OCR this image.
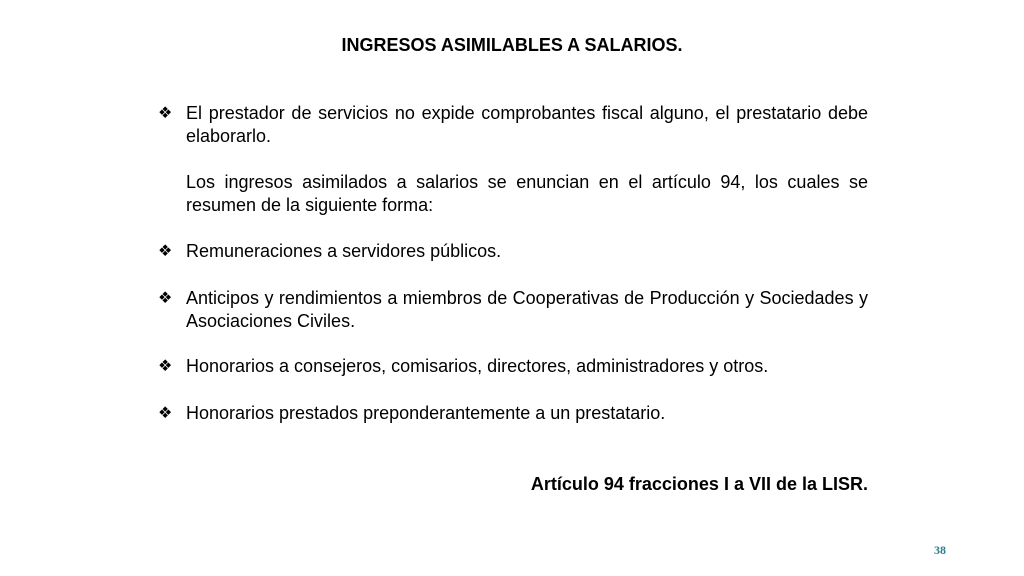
INGRESOS ASIMILABLES A SALARIOS.
❖ El prestador de servicios no expide comprobantes fiscal alguno, el prestatario debe elaborarlo.
Los ingresos asimilados a salarios se enuncian en el artículo 94, los cuales se resumen de la siguiente forma:
❖ Remuneraciones a servidores públicos.
❖ Anticipos y rendimientos a miembros de Cooperativas de Producción y Sociedades y Asociaciones Civiles.
❖ Honorarios a consejeros, comisarios, directores, administradores y otros.
❖ Honorarios prestados preponderantemente a un prestatario.
Artículo 94 fracciones I a VII de la LISR.
38
